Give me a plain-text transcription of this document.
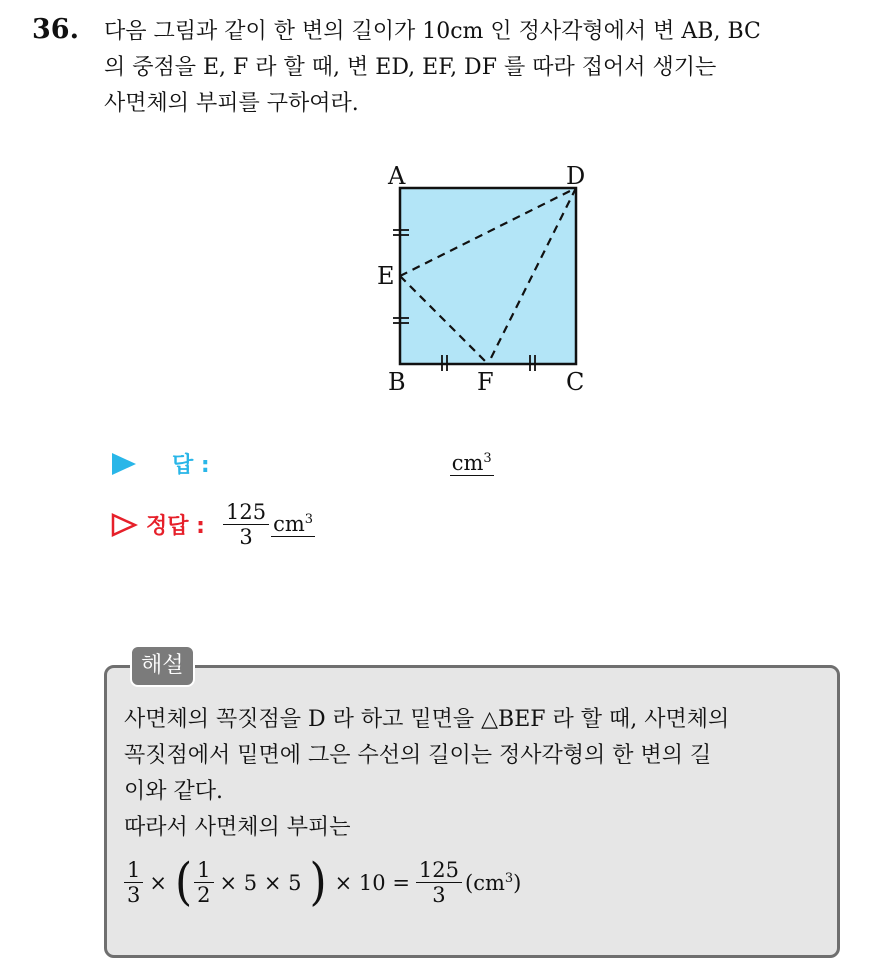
36. 다음 그림과 같이 한 변의 길이가 10cm 인 정사각형에서 변 AB, BC
의 중점을 E, F 라 할 때, 변 ED, EF, DF 를 따라 접어서 생기는
사면체의 부피를 구하여라.
A	D
E
B	F	C
답 :	$cm^3$
정답 : $\frac{125}{3} cm^3$
해설
사면체의 꼭짓점을 D 라 하고 밑면을 △BEF 라 할 때, 사면체의
꼭짓점에서 밑면에 그은 수선의 길이는 정사각형의 한 변의 길
이와 같다.
따라서 사면체의 부피는
$\frac{1}{3}$ × ( $\frac{1}{2} \times 5 \times 5$ ) × $10 = \frac{125}{3} (cm^3)$
